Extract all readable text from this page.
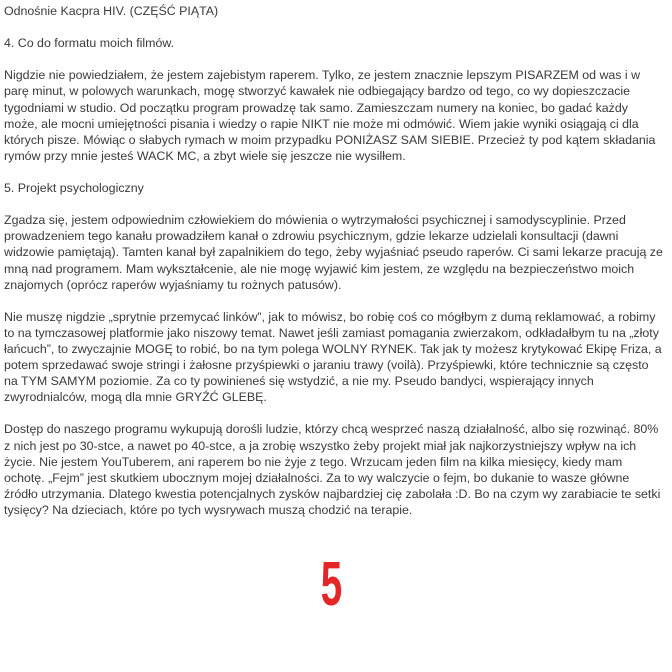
Odnośnie Kacpra HIV. (CZĘŚĆ PIĄTA)

4. Co do formatu moich filmów.

Nigdzie nie powiedziałem, że jestem zajebistym raperem. Tylko, ze jestem znacznie lepszym PISARZEM od was i w parę minut, w polowych warunkach, mogę stworzyć kawałek nie odbiegający bardzo od tego, co wy dopieszczacie tygodniami w studio. Od początku program prowadzę tak samo. Zamieszczam numery na koniec, bo gadać każdy może, ale mocni umiejętności pisania i wiedzy o rapie NIKT nie może mi odmówić. Wiem jakie wyniki osiągają ci dla których pisze. Mówiąc o słabych rymach w moim przypadku PONIŻASZ SAM SIEBIE. Przecież ty pod kątem składania rymów przy mnie jesteś WACK MC, a zbyt wiele się jeszcze nie wysilłem.

5. Projekt psychologiczny

Zgadza się, jestem odpowiednim człowiekiem do mówienia o wytrzymałości psychicznej i samodyscyplinie. Przed prowadzeniem tego kanału prowadziłem kanał o zdrowiu psychicznym, gdzie lekarze udzielali konsultacji (dawni widzowie pamiętają). Tamten kanał był zapalnikiem do tego, żeby wyjaśniać pseudo raperów. Ci sami lekarze pracują ze mną nad programem. Mam wykształcenie, ale nie mogę wyjawić kim jestem, ze względu na bezpieczeństwo moich znajomych (oprócz raperów wyjaśniamy tu rożnych patusów).

Nie muszę nigdzie „sprytnie przemycać linków”, jak to mówisz, bo robię coś co mógłbym z dumą reklamować, a robimy to na tymczasowej platformie jako niszowy temat. Nawet jeśli zamiast pomagania zwierzakom, odkładałbym tu na „złoty łańcuch”, to zwyczajnie MOGĘ to robić, bo na tym polega WOLNY RYNEK. Tak jak ty możesz krytykować Ekipę Friza, a potem sprzedawać swoje stringi i żałosne przyśpiewki o jaraniu trawy (voilà). Przyśpiewki, które technicznie są często na TYM SAMYM poziomie. Za co ty powinieneś się wstydzić, a nie my. Pseudo bandyci, wspierający innych zwyrodnialców, mogą dla mnie GRYŹĆ GLEBĘ.

Dostęp do naszego programu wykupują dorośli ludzie, którzy chcą wesprzeć naszą działalność, albo się rozwinąć. 80% z nich jest po 30-stce, a nawet po 40-stce, a ja zrobię wszystko żeby projekt miał jak najkorzystniejszy wpływ na ich życie. Nie jestem YouTuberem, ani raperem bo nie żyje z tego. Wrzucam jeden film na kilka miesięcy, kiedy mam ochotę. „Fejm” jest skutkiem ubocznym mojej działalności. Za to wy walczycie o fejm, bo dukanie to wasze główne źródło utrzymania. Dlatego kwestia potencjalnych zysków najbardziej cię zabolała :D. Bo na czym wy zarabiacie te setki tysięcy? Na dzieciach, które po tych wysrywach muszą chodzić na terapie.

5
